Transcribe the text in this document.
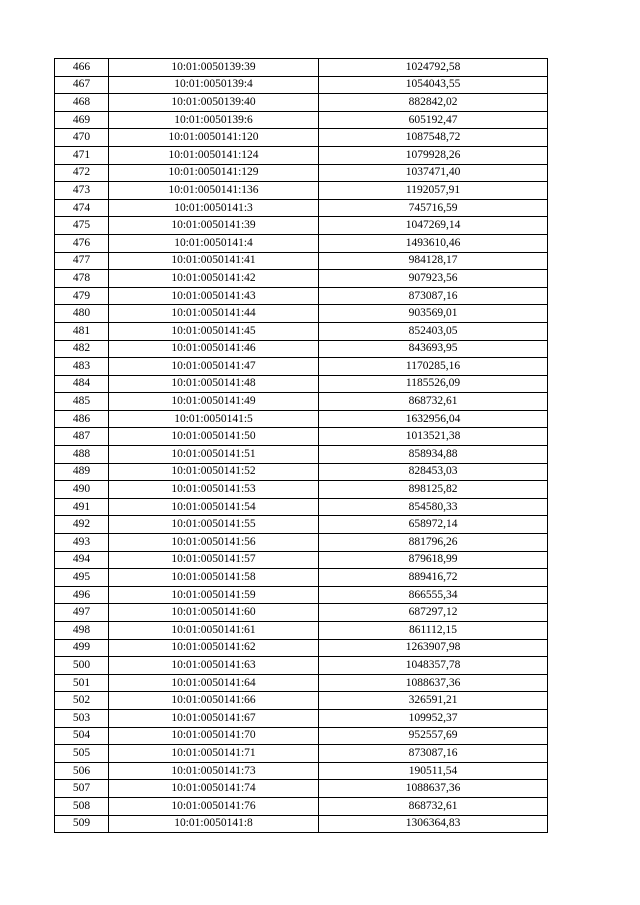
466	10:01:0050139:39	1024792,58
467	10:01:0050139:4	1054043,55
468	10:01:0050139:40	882842,02
469	10:01:0050139:6	605192,47
470	10:01:0050141:120	1087548,72
471	10:01:0050141:124	1079928,26
472	10:01:0050141:129	1037471,40
473	10:01:0050141:136	1192057,91
474	10:01:0050141:3	745716,59
475	10:01:0050141:39	1047269,14
476	10:01:0050141:4	1493610,46
477	10:01:0050141:41	984128,17
478	10:01:0050141:42	907923,56
479	10:01:0050141:43	873087,16
480	10:01:0050141:44	903569,01
481	10:01:0050141:45	852403,05
482	10:01:0050141:46	843693,95
483	10:01:0050141:47	1170285,16
484	10:01:0050141:48	1185526,09
485	10:01:0050141:49	868732,61
486	10:01:0050141:5	1632956,04
487	10:01:0050141:50	1013521,38
488	10:01:0050141:51	858934,88
489	10:01:0050141:52	828453,03
490	10:01:0050141:53	898125,82
491	10:01:0050141:54	854580,33
492	10:01:0050141:55	658972,14
493	10:01:0050141:56	881796,26
494	10:01:0050141:57	879618,99
495	10:01:0050141:58	889416,72
496	10:01:0050141:59	866555,34
497	10:01:0050141:60	687297,12
498	10:01:0050141:61	861112,15
499	10:01:0050141:62	1263907,98
500	10:01:0050141:63	1048357,78
501	10:01:0050141:64	1088637,36
502	10:01:0050141:66	326591,21
503	10:01:0050141:67	109952,37
504	10:01:0050141:70	952557,69
505	10:01:0050141:71	873087,16
506	10:01:0050141:73	190511,54
507	10:01:0050141:74	1088637,36
508	10:01:0050141:76	868732,61
509	10:01:0050141:8	1306364,83
